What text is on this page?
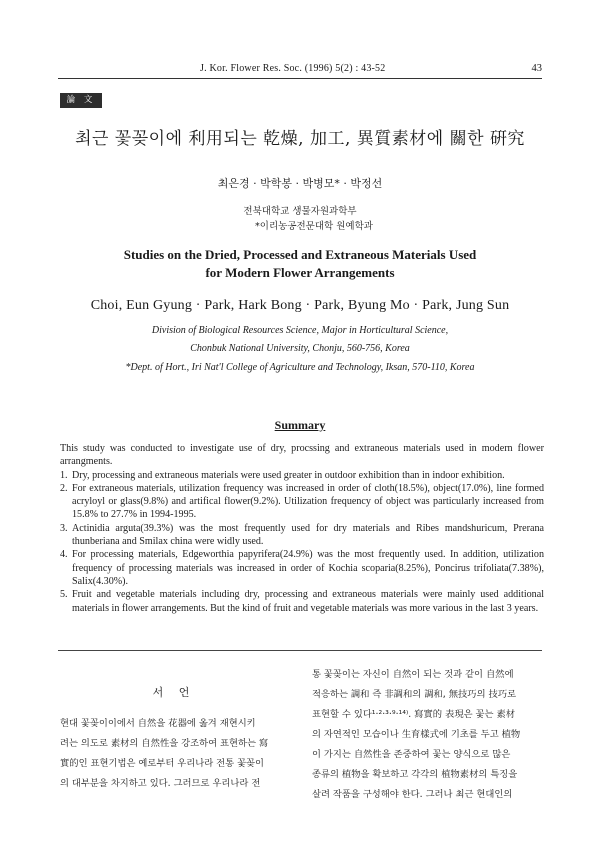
J. Kor. Flower Res. Soc. (1996) 5(2) : 43-52	43
論 文
최근 꽃꽂이에 利用되는 乾燥, 加工, 異質素材에 關한 硏究
최은경 · 박학봉 · 박병모* · 박정선
전북대학교 생물자원과학부
*이리농공전문대학 원예학과
Studies on the Dried, Processed and Extraneous Materials Used
for Modern Flower Arrangements
Choi, Eun Gyung · Park, Hark Bong · Park, Byung Mo · Park, Jung Sun
Division of Biological Resources Science, Major in Horticultural Science,
Chonbuk National University, Chonju, 560-756, Korea
*Dept. of Hort., Iri Nat'l College of Agriculture and Technology, Iksan, 570-110, Korea
Summary

This study was conducted to investigate use of dry, procssing and extraneous materials used in modern flower arrangments.

1. Dry, processing and extraneous materials were used greater in outdoor exhibition than in indoor exhibition.
2. For extraneous materials, utilization frequency was increased in order of cloth(18.5%), object(17.0%), line formed acryloyl or glass(9.8%) and artifical flower(9.2%). Utilization frequency of object was particularly increased from 15.8% to 27.7% in 1994-1995.
3. Actinidia arguta(39.3%) was the most frequently used for dry materials and Ribes mandshuricum, Prerana thunberiana and Smilax china were widly used.
4. For processing materials, Edgeworthia papyrifera(24.9%) was the most frequently used. In addition, utilization frequency of processing materials was increased in order of Kochia scoparia(8.25%), Poncirus trifoliata(7.38%), Salix(4.30%).
5. Fruit and vegetable materials including dry, processing and extraneous materials were mainly used additional materials in flower arrangements. But the kind of fruit and vegetable materials was more various in the last 3 years.
서 언
현대 꽃꽂이이에서 自然을 花器에 옮겨 재현시키
려는 의도로 素材의 自然性을 강조하여 표현하는 寫
實的인 표현기법은 예로부터 우리나라 전통 꽃꽂이
의 대부분을 차지하고 있다. 그러므로 우리나라 전
통 꽃꽂이는 자신이 自然이 되는 것과 같이 自然에
적응하는 調和 즉 非調和의 調和, 無技巧의 技巧로
표현할 수 있다¹·²·³·⁹·¹⁴⁾. 寫實的 表現은 꽃는 素材
의 자연적인 모습이나 生育樣式에 기초를 두고 植物
이 가지는 自然性을 존중하여 꽃는 양식으로 많은
종류의 植物을 확보하고 각각의 植物素材의 특징을
살려 작품을 구성해야 한다. 그러나 최근 현대인의
